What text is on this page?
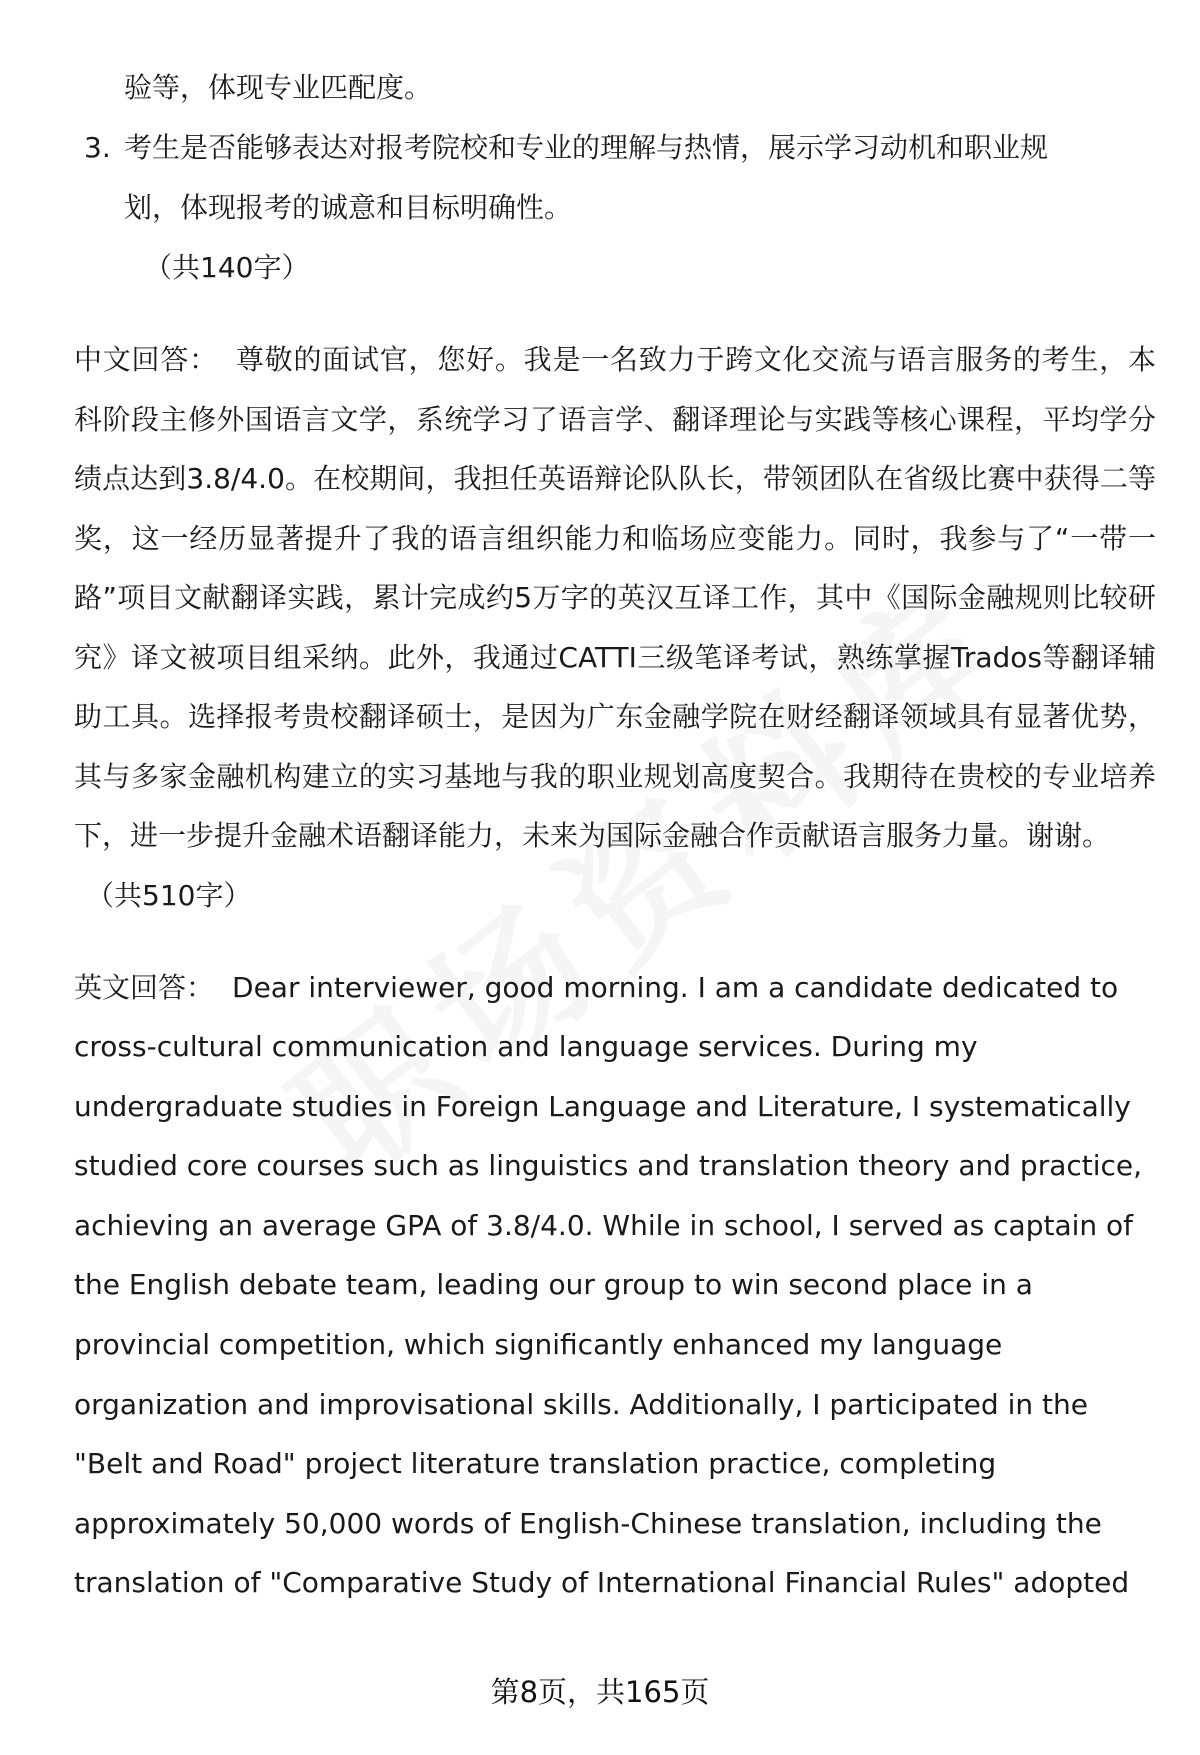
验等，体现专业匹配度。
3. 考生是否能够表达对报考院校和专业的理解与热情，展示学习动机和职业规
划，体现报考的诚意和目标明确性。
（共140字）
中文回答： 尊敬的面试官，您好。我是一名致力于跨文化交流与语言服务的考生，本科阶段主修外国语言文学，系统学习了语言学、翻译理论与实践等核心课程，平均学分绩点达到3.8/4.0。在校期间，我担任英语辩论队队长，带领团队在省级比赛中获得二等奖，这一经历显著提升了我的语言组织能力和临场应变能力。同时，我参与了“一带一路”项目文献翻译实践，累计完成约5万字的英汉互译工作，其中《国际金融规则比较研究》译文被项目组采纳。此外，我通过CATTI三级笔译考试，熟练掌握Trados等翻译辅助工具。选择报考贵校翻译硕士，是因为广东金融学院在财经翻译领域具有显著优势，其与多家金融机构建立的实习基地与我的职业规划高度契合。我期待在贵校的专业培养下，进一步提升金融术语翻译能力，未来为国际金融合作贡献语言服务力量。谢谢。
（共510字）
英文回答： Dear interviewer, good morning. I am a candidate dedicated to
cross-cultural communication and language services. During my
undergraduate studies in Foreign Language and Literature, I systematically
studied core courses such as linguistics and translation theory and practice,
achieving an average GPA of 3.8/4.0. While in school, I served as captain of
the English debate team, leading our group to win second place in a
provincial competition, which significantly enhanced my language
organization and improvisational skills. Additionally, I participated in the
"Belt and Road" project literature translation practice, completing
approximately 50,000 words of English-Chinese translation, including the
translation of "Comparative Study of International Financial Rules" adopted
第8页，共165页
